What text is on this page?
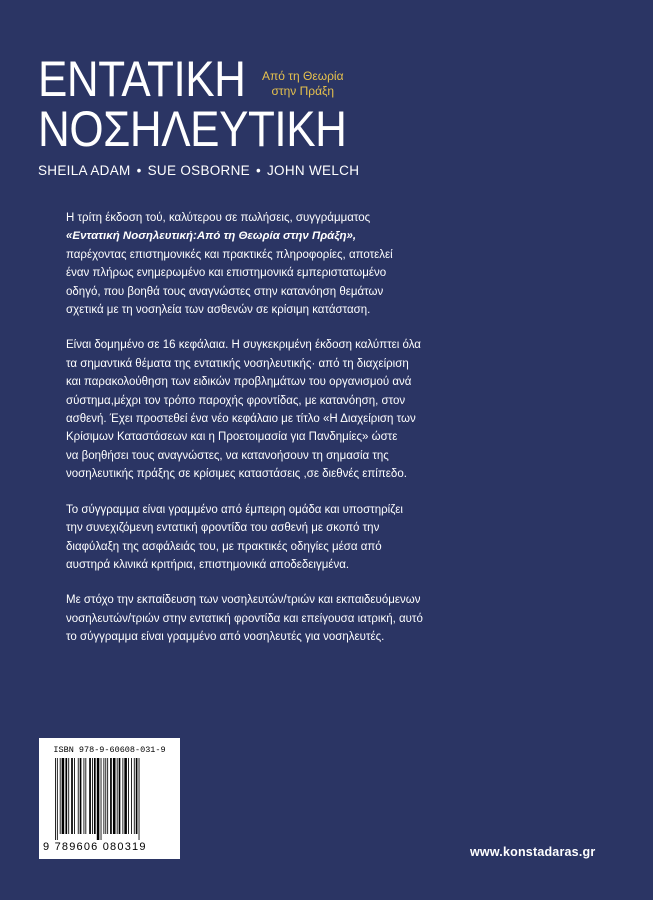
ΕΝΤΑΤΙΚΗ
ΝΟΣΗΛΕΥΤΙΚΗ
Από τη Θεωρία
στην Πράξη
SHEILA ADAM • SUE OSBORNE • JOHN WELCH

Η τρίτη έκδοση τού, καλύτερου σε πωλήσεις, συγγράμματος
«Εντατική Νοσηλευτική:Από τη Θεωρία στην Πράξη»,
παρέχοντας επιστημονικές και πρακτικές πληροφορίες, αποτελεί
έναν πλήρως ενημερωμένο και επιστημονικά εμπεριστατωμένο
οδηγό, που βοηθά τους αναγνώστες στην κατανόηση θεμάτων
σχετικά με τη νοσηλεία των ασθενών σε κρίσιμη κατάσταση.

Είναι δομημένο σε 16 κεφάλαια. Η συγκεκριμένη έκδοση καλύπτει όλα
τα σημαντικά θέματα της εντατικής νοσηλευτικής· από τη διαχείριση
και παρακολούθηση των ειδικών προβλημάτων του οργανισμού ανά
σύστημα,μέχρι τον τρόπο παροχής φροντίδας, με κατανόηση, στον
ασθενή. Έχει προστεθεί ένα νέο κεφάλαιο με τίτλο «Η Διαχείριση των
Κρίσιμων Καταστάσεων και η Προετοιμασία για Πανδημίες» ώστε
να βοηθήσει τους αναγνώστες, να κατανοήσουν τη σημασία της
νοσηλευτικής πράξης σε κρίσιμες καταστάσεις ,σε διεθνές επίπεδο.

Το σύγγραμμα είναι γραμμένο από έμπειρη ομάδα και υποστηρίζει
την συνεχιζόμενη εντατική φροντίδα του ασθενή με σκοπό την
διαφύλαξη της ασφάλειάς του, με πρακτικές οδηγίες μέσα από
αυστηρά κλινικά κριτήρια, επιστημονικά αποδεδειγμένα.

Με στόχο την εκπαίδευση των νοσηλευτών/τριών και εκπαιδευόμενων
νοσηλευτών/τριών στην εντατική φροντίδα και επείγουσα ιατρική, αυτό
το σύγγραμμα είναι γραμμένο από νοσηλευτές για νοσηλευτές.

ISBN 978-9-60608-031-9
9 789606 080319	www.konstadaras.gr
